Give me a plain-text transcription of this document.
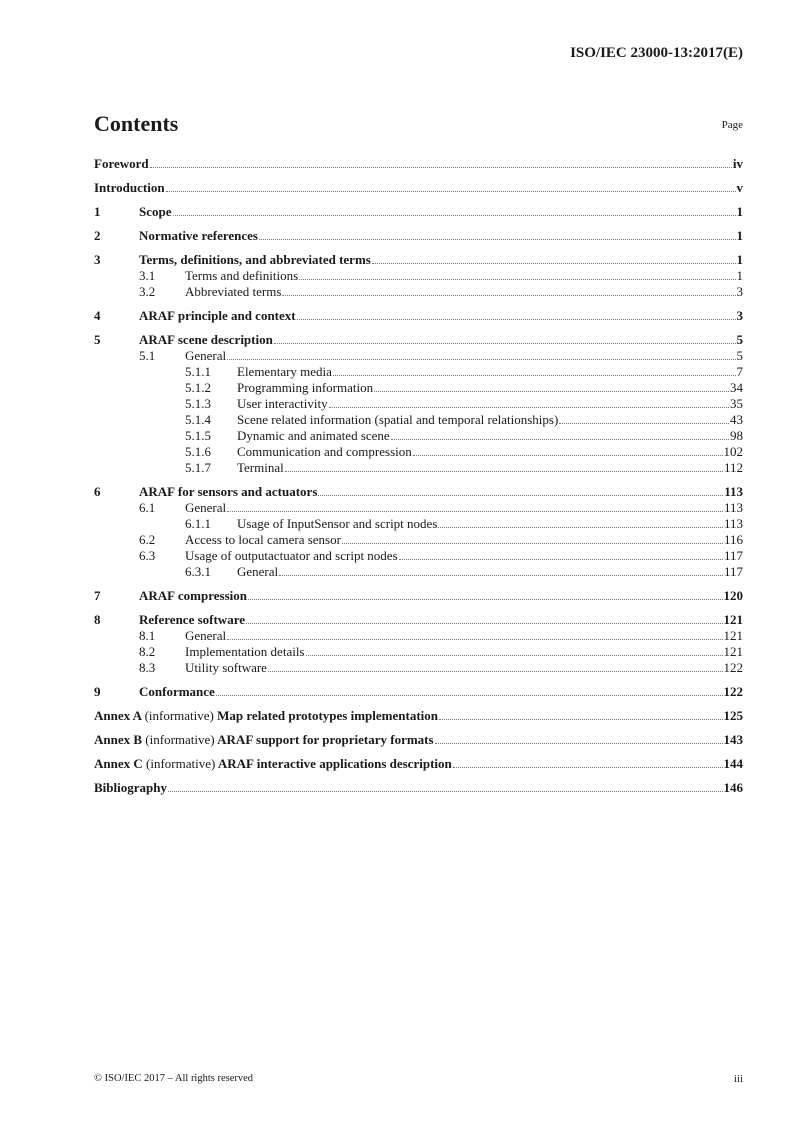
ISO/IEC 23000-13:2017(E)
Contents	Page
Foreword	iv
Introduction	v
1	Scope	1
2	Normative references	1
3	Terms, definitions, and abbreviated terms	1
3.1	Terms and definitions	1
3.2	Abbreviated terms	3
4	ARAF principle and context	3
5	ARAF scene description	5
5.1	General	5
5.1.1	Elementary media	7
5.1.2	Programming information	34
5.1.3	User interactivity	35
5.1.4	Scene related information (spatial and temporal relationships)	43
5.1.5	Dynamic and animated scene	98
5.1.6	Communication and compression	102
5.1.7	Terminal	112
6	ARAF for sensors and actuators	113
6.1	General	113
6.1.1	Usage of InputSensor and script nodes	113
6.2	Access to local camera sensor	116
6.3	Usage of outputactuator and script nodes	117
6.3.1	General	117
7	ARAF compression	120
8	Reference software	121
8.1	General	121
8.2	Implementation details	121
8.3	Utility software	122
9	Conformance	122
Annex A (informative) Map related prototypes implementation	125
Annex B (informative) ARAF support for proprietary formats	143
Annex C (informative) ARAF interactive applications description	144
Bibliography	146
© ISO/IEC 2017 – All rights reserved	iii
